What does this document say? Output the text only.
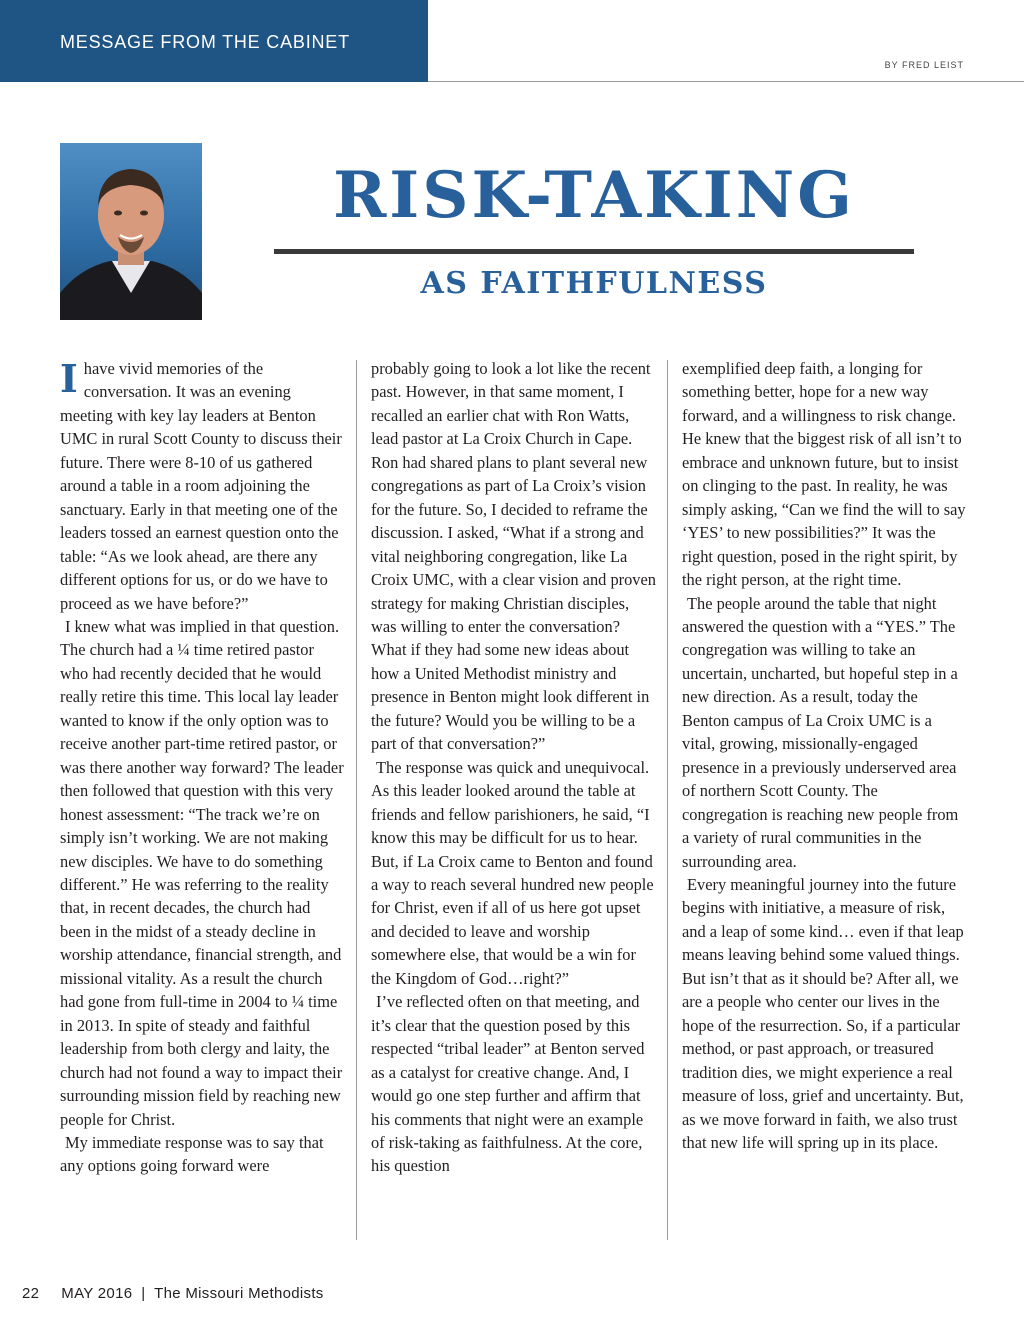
MESSAGE FROM THE CABINET
BY FRED LEIST
RISK-TAKING
AS FAITHFULNESS

Ihave vivid memories of the conversation. It was an evening meeting with key lay leaders at Benton UMC in rural Scott County to discuss their future. There were 8-10 of us gathered around a table in a room adjoining the sanctuary. Early in that meeting one of the leaders tossed an earnest question onto the table: “As we look ahead, are there any different options for us, or do we have to proceed as we have before?”

I knew what was implied in that question. The church had a ¼ time retired pastor who had recently decided that he would really retire this time. This local lay leader wanted to know if the only option was to receive another part-time retired pastor, or was there another way forward? The leader then followed that question with this very honest assessment: “The track we’re on simply isn’t working. We are not making new disciples. We have to do something different.” He was referring to the reality that, in recent decades, the church had been in the midst of a steady decline in worship attendance, financial strength, and missional vitality. As a result the church had gone from full-time in 2004 to ¼ time in 2013. In spite of steady and faithful leadership from both clergy and laity, the church had not found a way to impact their surrounding mission field by reaching new people for Christ.

My immediate response was to say that any options going forward were

probably going to look a lot like the recent past. However, in that same moment, I recalled an earlier chat with Ron Watts, lead pastor at La Croix Church in Cape. Ron had shared plans to plant several new congregations as part of La Croix’s vision for the future. So, I decided to reframe the discussion. I asked, “What if a strong and vital neighboring congregation, like La Croix UMC, with a clear vision and proven strategy for making Christian disciples, was willing to enter the conversation? What if they had some new ideas about how a United Methodist ministry and presence in Benton might look different in the future? Would you be willing to be a part of that conversation?”

The response was quick and unequivocal. As this leader looked around the table at friends and fellow parishioners, he said, “I know this may be difficult for us to hear. But, if La Croix came to Benton and found a way to reach several hundred new people for Christ, even if all of us here got upset and decided to leave and worship somewhere else, that would be a win for the Kingdom of God…right?”

I’ve reflected often on that meeting, and it’s clear that the question posed by this respected “tribal leader” at Benton served as a catalyst for creative change. And, I would go one step further and affirm that his comments that night were an example of risk-taking as faithfulness. At the core, his question

exemplified deep faith, a longing for something better, hope for a new way forward, and a willingness to risk change. He knew that the biggest risk of all isn’t to embrace and unknown future, but to insist on clinging to the past. In reality, he was simply asking, “Can we find the will to say ‘YES’ to new possibilities?” It was the right question, posed in the right spirit, by the right person, at the right time.

The people around the table that night answered the question with a “YES.” The congregation was willing to take an uncertain, uncharted, but hopeful step in a new direction. As a result, today the Benton campus of La Croix UMC is a vital, growing, missionally-engaged presence in a previously underserved area of northern Scott County. The congregation is reaching new people from a variety of rural communities in the surrounding area.

Every meaningful journey into the future begins with initiative, a measure of risk, and a leap of some kind… even if that leap means leaving behind some valued things. But isn’t that as it should be? After all, we are a people who center our lives in the hope of the resurrection. So, if a particular method, or past approach, or treasured tradition dies, we might experience a real measure of loss, grief and uncertainty. But, as we move forward in faith, we also trust that new life will spring up in its place.

22 MAY 2016  |  The Missouri Methodists
